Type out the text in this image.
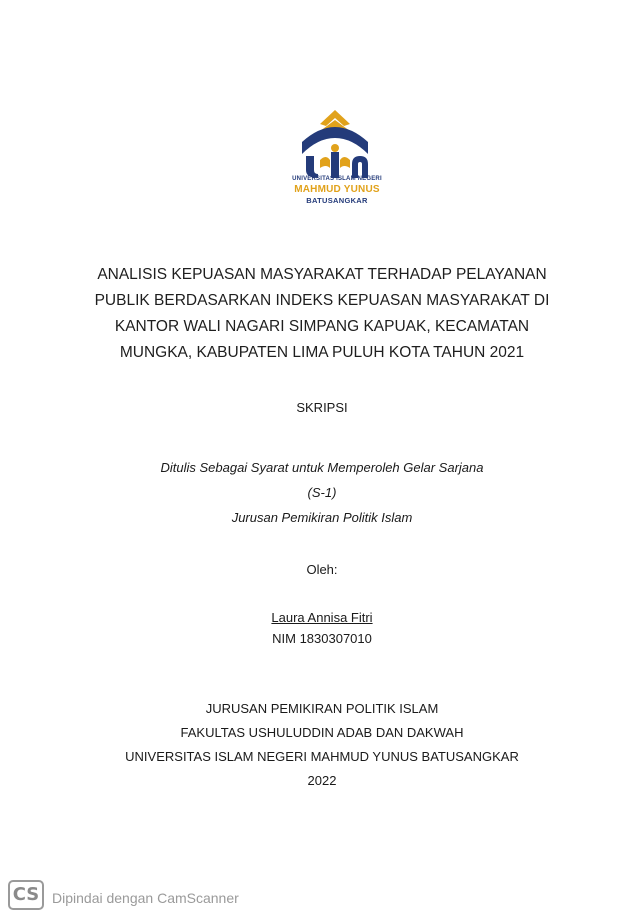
UNIVERSITAS ISLAM NEGERI
MAHMUD YUNUS
BATUSANGKAR
ANALISIS KEPUASAN MASYARAKAT TERHADAP PELAYANAN
PUBLIK BERDASARKAN INDEKS KEPUASAN MASYARAKAT DI
KANTOR WALI NAGARI SIMPANG KAPUAK, KECAMATAN
MUNGKA, KABUPATEN LIMA PULUH KOTA TAHUN 2021
SKRIPSI
Ditulis Sebagai Syarat untuk Memperoleh Gelar Sarjana
(S-1)
Jurusan Pemikiran Politik Islam
Oleh:
Laura Annisa Fitri
NIM 1830307010
JURUSAN PEMIKIRAN POLITIK ISLAM
FAKULTAS USHULUDDIN ADAB DAN DAKWAH
UNIVERSITAS ISLAM NEGERI MAHMUD YUNUS BATUSANGKAR
2022
CS Dipindai dengan CamScanner
